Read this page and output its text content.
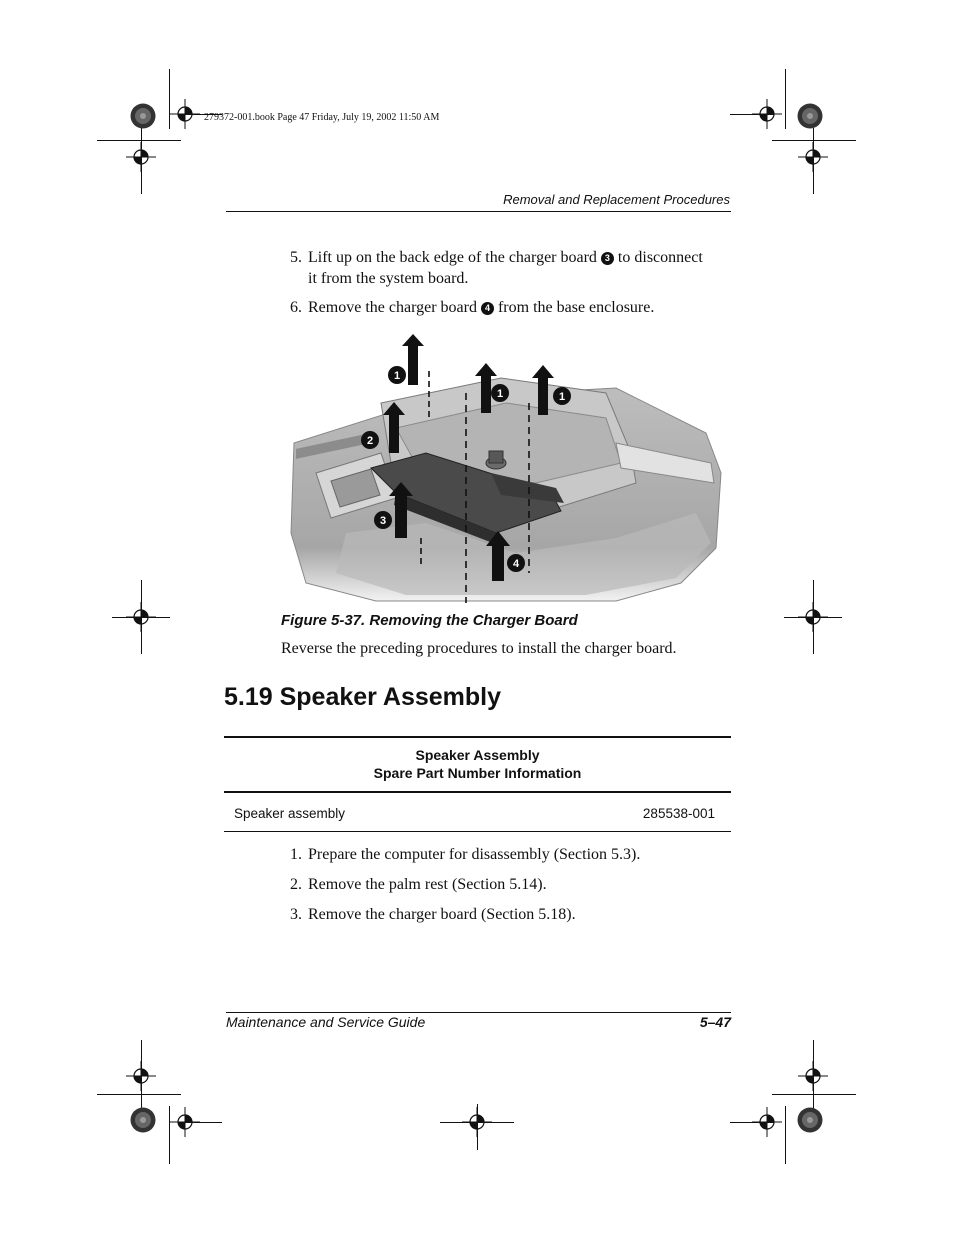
279372-001.book Page 47 Friday, July 19, 2002 11:50 AM
Removal and Replacement Procedures
5. Lift up on the back edge of the charger board 3 to disconnect
it from the system board.
6. Remove the charger board 4 from the base enclosure.
1
1	1
2
3
4
Figure 5-37. Removing the Charger Board
Reverse the preceding procedures to install the charger board.
5.19 Speaker Assembly
Speaker Assembly
Spare Part Number Information
Speaker assembly	285538-001
1. Prepare the computer for disassembly (Section 5.3).
2. Remove the palm rest (Section 5.14).
3. Remove the charger board (Section 5.18).
Maintenance and Service Guide	5–47
